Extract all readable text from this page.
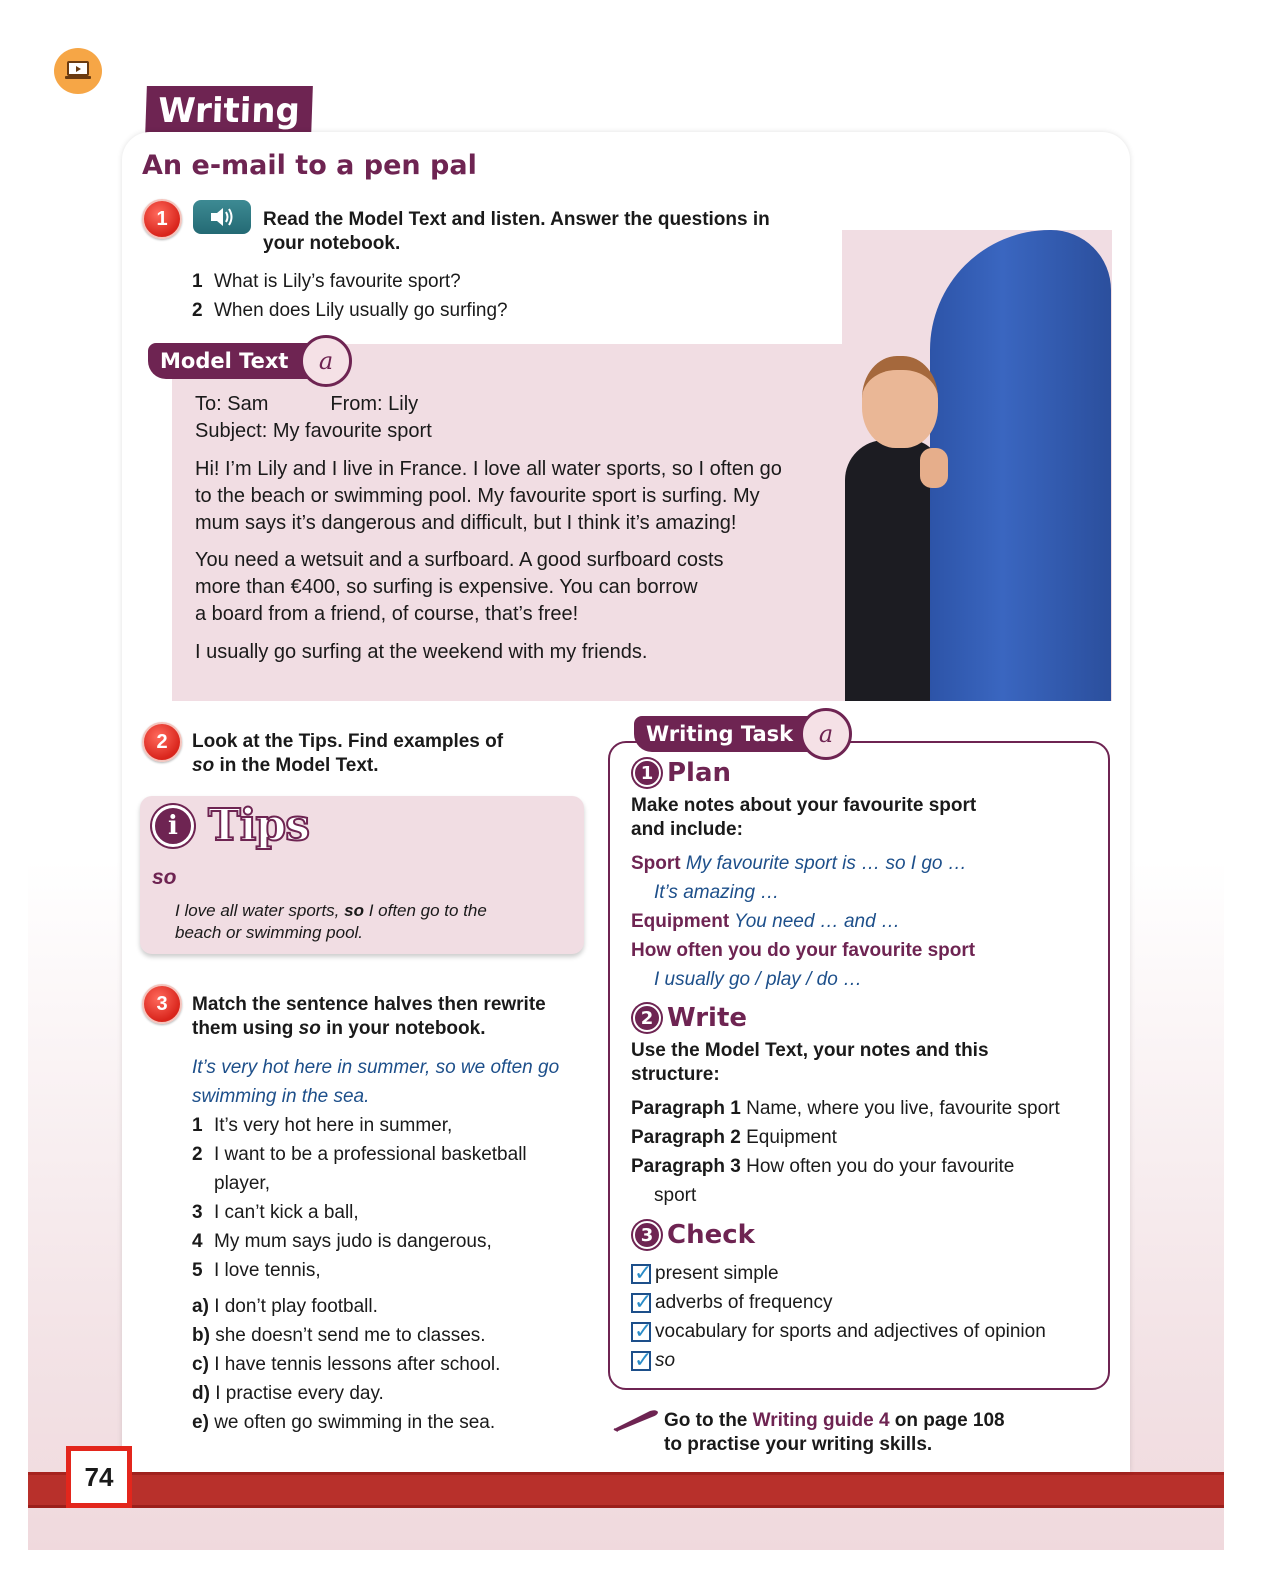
Writing
An e-mail to a pen pal
1	Read the Model Text and listen. Answer the questions in
your notebook.
1 What is Lily’s favourite sport?
2 When does Lily usually go surfing?
Model Text	a
To: Sam	From: Lily
Subject: My favourite sport
Hi! I’m Lily and I live in France. I love all water sports, so I often go
to the beach or swimming pool. My favourite sport is surfing. My
mum says it’s dangerous and difficult, but I think it’s amazing!
You need a wetsuit and a surfboard. A good surfboard costs
more than €400, so surfing is expensive. You can borrow
a board from a friend, of course, that’s free!
I usually go surfing at the weekend with my friends.
2	Look at the Tips. Find examples of
so in the Model Text.
i Tips
so
I love all water sports, so I often go to the
beach or swimming pool.
3	Match the sentence halves then rewrite
them using so in your notebook.
It’s very hot here in summer, so we often go
swimming in the sea.
1 It’s very hot here in summer,
2 I want to be a professional basketball
player,
3 I can’t kick a ball,
4 My mum says judo is dangerous,
5 I love tennis,
a) I don’t play football.
b) she doesn’t send me to classes.
c) I have tennis lessons after school.
d) I practise every day.
e) we often go swimming in the sea.
Writing Task	a
1 Plan
Make notes about your favourite sport
and include:
Sport My favourite sport is … so I go …
It’s amazing …
Equipment You need … and …
How often you do your favourite sport
I usually go / play / do …
2 Write
Use the Model Text, your notes and this
structure:
Paragraph 1 Name, where you live, favourite sport
Paragraph 2 Equipment
Paragraph 3 How often you do your favourite
sport
3 Check
✓ present simple
✓ adverbs of frequency
✓ vocabulary for sports and adjectives of opinion
✓ so
Go to the Writing guide 4 on page 108
to practise your writing skills.
74
